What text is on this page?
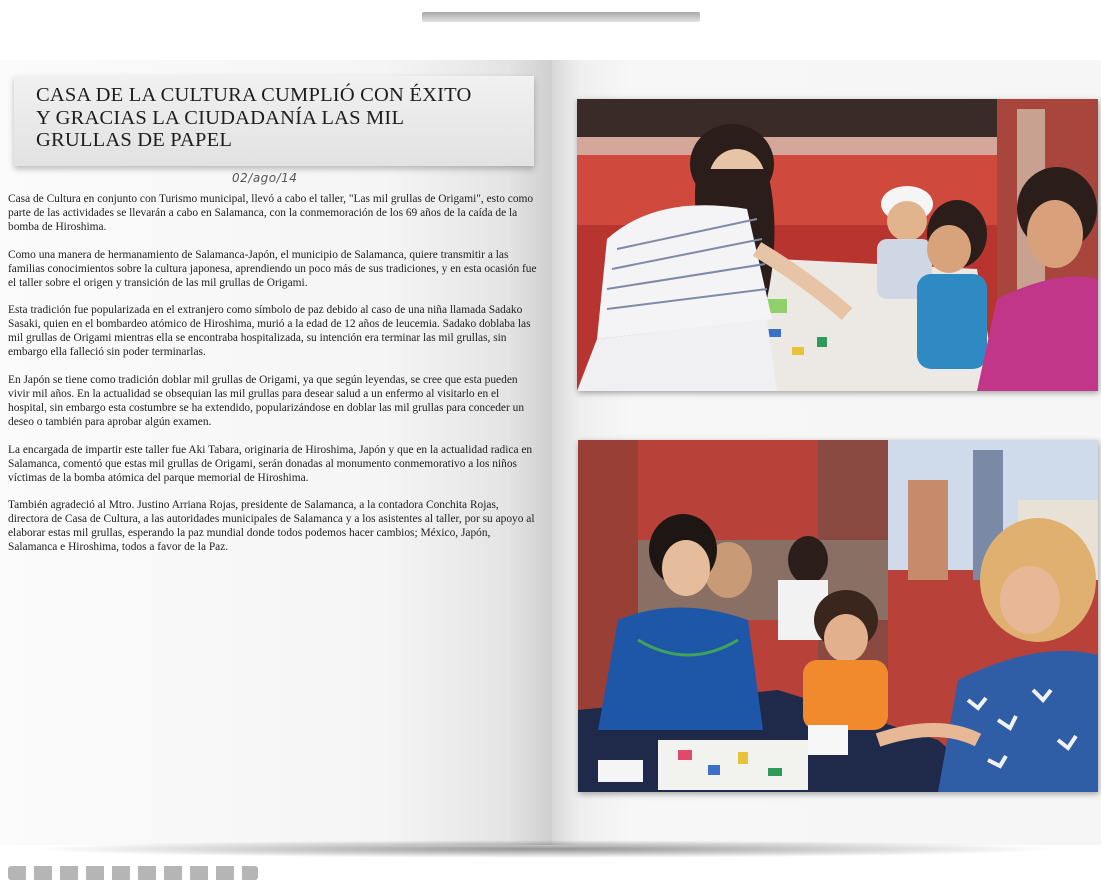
CASA DE LA CULTURA CUMPLIÓ CON ÉXITO
Y GRACIAS LA CIUDADANÍA LAS MIL
GRULLAS DE PAPEL
02/ago/14

Casa de Cultura en conjunto con Turismo municipal, llevó a cabo el taller, "Las mil grullas de Origami", esto como parte de las actividades se llevarán a cabo en Salamanca, con la conmemoración de los 69 años de la caída de la bomba de Hiroshima.

Como una manera de hermanamiento de Salamanca-Japón, el municipio de Salamanca, quiere transmitir a las familias conocimientos sobre la cultura japonesa, aprendiendo un poco más de sus tradiciones, y en esta ocasión fue el taller sobre el origen y transición de las mil grullas de Origami.

Esta tradición fue popularizada en el extranjero como símbolo de paz debido al caso de una niña llamada Sadako Sasaki, quien en el bombardeo atómico de Hiroshima, murió a la edad de 12 años de leucemia. Sadako doblaba las mil grullas de Origami mientras ella se encontraba hospitalizada, su intención era terminar las mil grullas, sin embargo ella falleció sin poder terminarlas.

En Japón se tiene como tradición doblar mil grullas de Origami, ya que según leyendas, se cree que esta pueden vivir mil años. En la actualidad se obsequian las mil grullas para desear salud a un enfermo al visitarlo en el hospital, sin embargo esta costumbre se ha extendido, popularizándose en doblar las mil grullas para conceder un deseo o también para aprobar algún examen.

La encargada de impartir este taller fue Aki Tabara, originaria de Hiroshima, Japón y que en la actualidad radica en Salamanca, comentó que estas mil grullas de Origami, serán donadas al monumento conmemorativo a los niños víctimas de la bomba atómica del parque memorial de Hiroshima.

También agradeció al Mtro. Justino Arriana Rojas, presidente de Salamanca, a la contadora Conchita Rojas, directora de Casa de Cultura, a las autoridades municipales de Salamanca y a los asistentes al taller, por su apoyo al elaborar estas mil grullas, esperando la paz mundial donde todos podemos hacer cambios; México, Japón, Salamanca e Hiroshima, todos a favor de la Paz.
